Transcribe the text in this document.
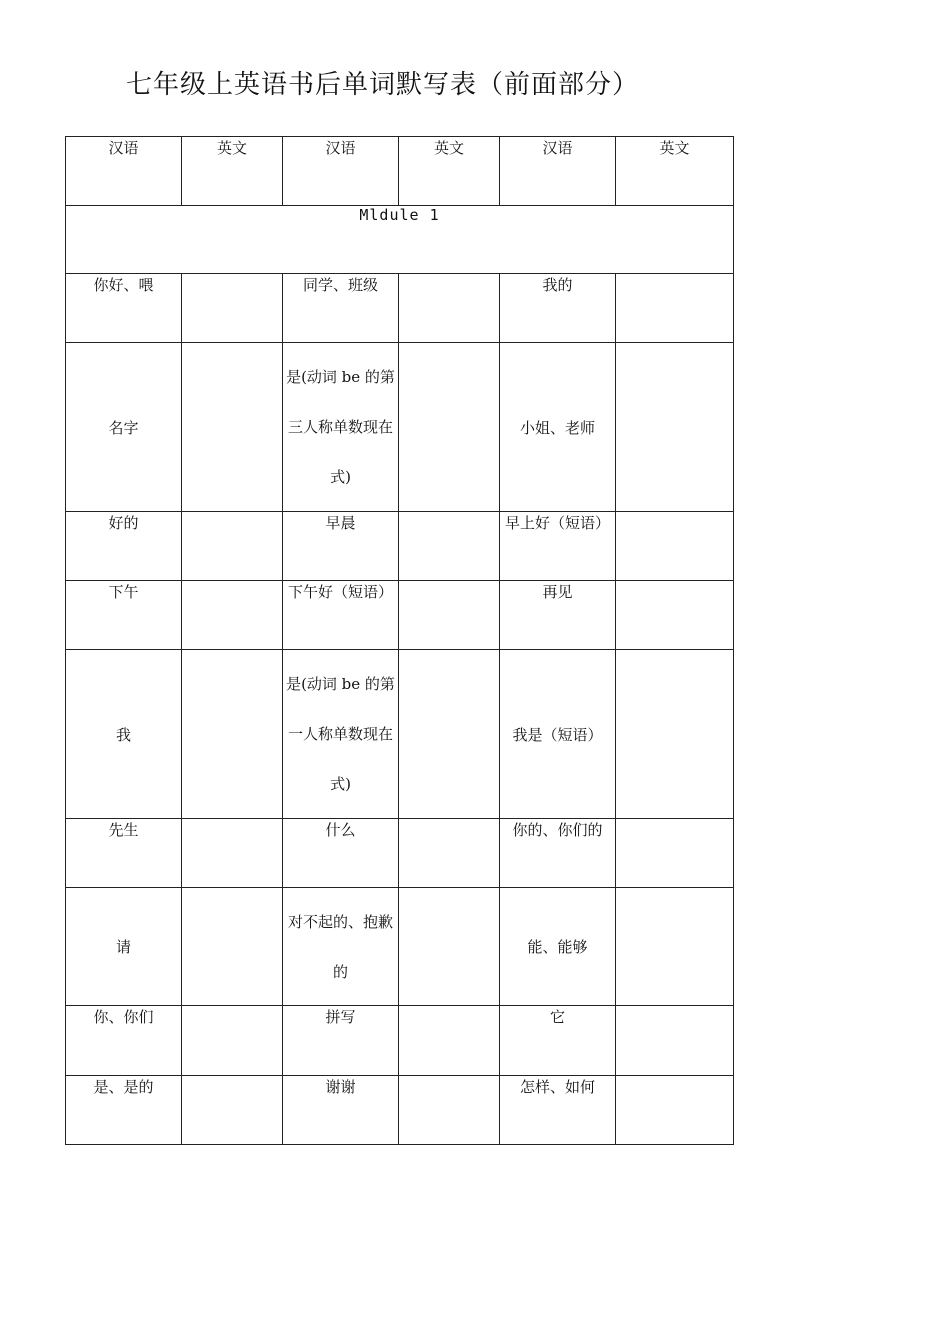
七年级上英语书后单词默写表（前面部分）
汉语	英文	汉语	英文	汉语	英文
Mldule 1					
你好、喂		同学、班级		我的	
名字		是(动词 be 的第三人称单数现在式)		小姐、老师	
好的		早晨		早上好（短语）	
下午		下午好（短语）		再见	
我		是(动词 be 的第一人称单数现在式)		我是（短语）	
先生		什么		你的、你们的	
请		对不起的、抱歉的		能、能够	
你、你们		拼写		它	
是、是的		谢谢		怎样、如何	
